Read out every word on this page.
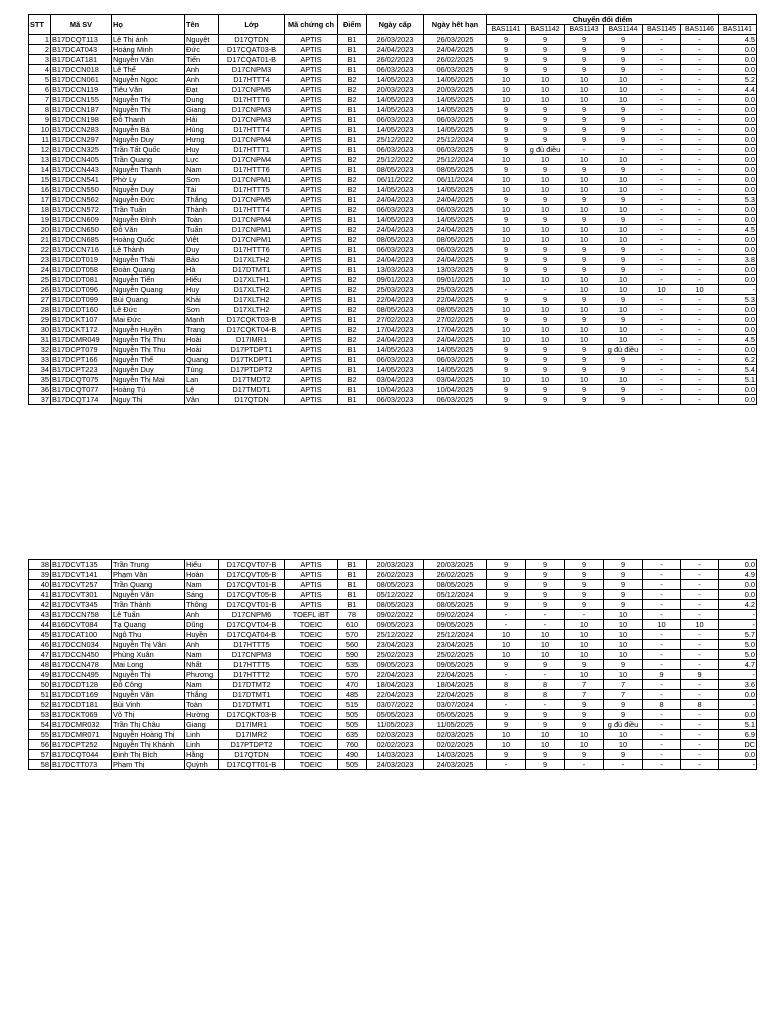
STT	Mã SV	Họ	Tên	Lớp	Mã chứng ch	Điểm	Ngày cấp	Ngày hết hạn	Chuyển đổi điểm						
									BAS1141	BAS1142	BAS1143	BAS1144	BAS1145	BAS1146	BAS1141
1	B17DCQT113	Lê Thị ánh	Nguyệt	D17QTDN	APTIS	B1	26/03/2023	26/03/2025	9	9	9	9	-	-	4.5
2	B17DCAT043	Hoàng Minh	Đức	D17CQAT03-B	APTIS	B1	24/04/2023	24/04/2025	9	9	9	9	-	-	0.0
3	B17DCAT181	Nguyễn Văn	Tiến	D17CQAT01-B	APTIS	B1	26/02/2023	26/02/2025	9	9	9	9	-	-	0.0
4	B17DCCN018	Lê Thế	Anh	D17CNPM3	APTIS	B1	06/03/2023	06/03/2025	9	9	9	9	-	-	0.0
5	B17DCCN061	Nguyễn Ngọc	Anh	D17HTTT4	APTIS	B2	14/05/2023	14/05/2025	10	10	10	10	-	-	5.2
6	B17DCCN119	Tiêu Văn	Đạt	D17CNPM5	APTIS	B2	20/03/2023	20/03/2025	10	10	10	10	-	-	4.4
7	B17DCCN155	Nguyễn Thị	Dung	D17HTTT6	APTIS	B2	14/05/2023	14/05/2025	10	10	10	10	-	-	0.0
8	B17DCCN187	Nguyễn Thị	Giang	D17CNPM3	APTIS	B1	14/05/2023	14/05/2025	9	9	9	9	-	-	0.0
9	B17DCCN198	Đỗ Thanh	Hải	D17CNPM3	APTIS	B1	06/03/2023	06/03/2025	9	9	9	9	-	-	0.0
10	B17DCCN283	Nguyễn Bá	Hùng	D17HTTT4	APTIS	B1	14/05/2023	14/05/2025	9	9	9	9	-	-	0.0
11	B17DCCN297	Nguyễn Duy	Hưng	D17CNPM4	APTIS	B1	25/12/2022	25/12/2024	9	9	9	9	-	-	0.0
12	B17DCCN325	Trần Tất Quốc	Huy	D17HTTT1	APTIS	B1	06/03/2023	06/03/2025	9	g đủ điều	-	-	-	-	0.0
13	B17DCCN405	Trần Quang	Lực	D17CNPM4	APTIS	B2	25/12/2022	25/12/2024	10	10	10	10	-	-	0.0
14	B17DCCN443	Nguyễn Thanh	Nam	D17HTTT6	APTIS	B1	08/05/2023	08/05/2025	9	9	9	9	-	-	0.0
15	B17DCCN541	Phờ Ly	Sơn	D17CNPM1	APTIS	B2	06/11/2022	06/11/2024	10	10	10	10	-	-	0.0
16	B17DCCN550	Nguyễn Duy	Tài	D17HTTT5	APTIS	B2	14/05/2023	14/05/2025	10	10	10	10	-	-	0.0
17	B17DCCN562	Nguyễn Đức	Thắng	D17CNPM5	APTIS	B1	24/04/2023	24/04/2025	9	9	9	9	-	-	5.3
18	B17DCCN572	Trần Tuấn	Thành	D17HTTT4	APTIS	B2	06/03/2023	06/03/2025	10	10	10	10	-	-	0.0
19	B17DCCN609	Nguyễn Đình	Toàn	D17CNPM4	APTIS	B1	14/05/2023	14/05/2025	9	9	9	9	-	-	0.0
20	B17DCCN650	Đỗ Văn	Tuấn	D17CNPM1	APTIS	B2	24/04/2023	24/04/2025	10	10	10	10	-	-	4.5
21	B17DCCN685	Hoàng Quốc	Việt	D17CNPM1	APTIS	B2	08/05/2023	08/05/2025	10	10	10	10	-	-	0.0
22	B17DCCN716	Lê Thành	Duy	D17HTTT6	APTIS	B1	06/03/2023	06/03/2025	9	9	9	9	-	-	0.0
23	B17DCDT019	Nguyễn Thái	Bảo	D17XLTH2	APTIS	B1	24/04/2023	24/04/2025	9	9	9	9	-	-	3.8
24	B17DCDT058	Đoàn Quang	Hà	D17DTMT1	APTIS	B1	13/03/2023	13/03/2025	9	9	9	9	-	-	0.0
25	B17DCDT081	Nguyễn Tiến	Hiếu	D17XLTH1	APTIS	B2	09/01/2023	09/01/2025	10	10	10	10	-	-	0.0
26	B17DCDT096	Nguyễn Quang	Huy	D17XLTH2	APTIS	B2	25/03/2023	25/03/2025	-	-	10	10	10	10	-
27	B17DCDT099	Bùi Quang	Khải	D17XLTH2	APTIS	B1	22/04/2023	22/04/2025	9	9	9	9	-	-	5.3
28	B17DCDT160	Lê Đức	Sơn	D17XLTH2	APTIS	B2	08/05/2023	08/05/2025	10	10	10	10	-	-	0.0
29	B17DCKT107	Mai Đức	Mạnh	D17CQKT03-B	APTIS	B1	27/02/2023	27/02/2025	9	9	9	9	-	-	0.0
30	B17DCKT172	Nguyễn Huyền	Trang	D17CQKT04-B	APTIS	B2	17/04/2023	17/04/2025	10	10	10	10	-	-	0.0
31	B17DCMR049	Nguyễn Thị Thu	Hoài	D17IMR1	APTIS	B2	24/04/2023	24/04/2025	10	10	10	10	-	-	4.5
32	B17DCPT079	Nguyễn Thị Thu	Hoài	D17PTDPT1	APTIS	B1	14/05/2023	14/05/2025	9	9	9	g đủ điều	-	-	0.0
33	B17DCPT166	Nguyễn Thế	Quang	D17TKDPT1	APTIS	B1	06/03/2023	06/03/2025	9	9	9	9	-	-	6.2
34	B17DCPT223	Nguyễn Duy	Tùng	D17PTDPT2	APTIS	B1	14/05/2023	14/05/2025	9	9	9	9	-	-	5.4
35	B17DCQT075	Nguyễn Thị Mai	Lan	D17TMDT2	APTIS	B2	03/04/2023	03/04/2025	10	10	10	10	-	-	5.1
36	B17DCQT077	Hoàng Tú	Lệ	D17TMDT1	APTIS	B1	10/04/2023	10/04/2025	9	9	9	9	-	-	0.0
37	B17DCQT174	Nguy Thị	Vân	D17QTDN	APTIS	B1	06/03/2023	06/03/2025	9	9	9	9	-	-	0.0
38	B17DCVT135	Trần Trung	Hiếu	D17CQVT07-B	APTIS	B1	20/03/2023	20/03/2025	9	9	9	9	-	-	0.0
39	B17DCVT141	Phạm Văn	Hoàn	D17CQVT05-B	APTIS	B1	26/02/2023	26/02/2025	9	9	9	9	-	-	4.9
40	B17DCVT257	Trần Quang	Nam	D17CQVT01-B	APTIS	B1	08/05/2023	08/05/2025	9	9	9	9	-	-	0.0
41	B17DCVT301	Nguyễn Văn	Sáng	D17CQVT05-B	APTIS	B1	05/12/2022	05/12/2024	9	9	9	9	-	-	0.0
42	B17DCVT345	Trần Thành	Thông	D17CQVT01-B	APTIS	B1	08/05/2023	08/05/2025	9	9	9	9	-	-	4.2
43	B17DCCN758	Lê Tuấn	Anh	D17CNPM6	TOEFL iBT	78	09/02/2022	09/02/2024	-	-	-	10	-	-	-
44	B16DCVT084	Tạ Quang	Dũng	D17CQVT04-B	TOEIC	610	09/05/2023	09/05/2025	-	-	10	10	10	10	-
45	B17DCAT100	Ngô Thu	Huyền	D17CQAT04-B	TOEIC	570	25/12/2022	25/12/2024	10	10	10	10	-	-	5.7
46	B17DCCN034	Nguyễn Thị Vân	Anh	D17HTTT5	TOEIC	560	23/04/2023	23/04/2025	10	10	10	10	-	-	5.0
47	B17DCCN450	Phùng Xuân	Nam	D17CNPM3	TOEIC	590	25/02/2023	25/02/2025	10	10	10	10	-	-	5.0
48	B17DCCN478	Mai Long	Nhất	D17HTTT5	TOEIC	535	09/05/2023	09/05/2025	9	9	9	9	-	-	4.7
49	B17DCCN495	Nguyễn Thị	Phương	D17HTTT2	TOEIC	570	22/04/2023	22/04/2025	-	-	10	10	9	9	-
50	B17DCDT128	Đỗ Công	Nam	D17DTMT2	TOEIC	470	18/04/2023	18/04/2025	8	8	7	7	-	-	3.6
51	B17DCDT169	Nguyễn Văn	Thắng	D17DTMT1	TOEIC	485	22/04/2023	22/04/2025	8	8	7	7	-	-	0.0
52	B17DCDT181	Bùi Vinh	Toàn	D17DTMT1	TOEIC	515	03/07/2022	03/07/2024	-	-	9	9	8	8	-
53	B17DCKT069	Võ Thị	Hường	D17CQKT03-B	TOEIC	505	05/05/2023	05/05/2025	9	9	9	9	-	-	0.0
54	B17DCMR032	Trần Thị Châu	Giang	D17IMR1	TOEIC	505	11/05/2023	11/05/2025	9	9	9	g đủ điều	-	-	5.1
55	B17DCMR071	Nguyễn Hoàng Thị	Linh	D17IMR2	TOEIC	635	02/03/2023	02/03/2025	10	10	10	10	-	-	6.9
56	B17DCPT252	Nguyễn Thị Khánh	Linh	D17PTDPT2	TOEIC	760	02/02/2023	02/02/2025	10	10	10	10	-	-	DC
57	B17DCQT044	Đinh Thị Bích	Hằng	D17QTDN	TOEIC	490	14/03/2023	14/03/2025	9	9	9	9	-	-	0.0
58	B17DCTT073	Phạm Thị	Quỳnh	D17CQTT01-B	TOEIC	505	24/03/2023	24/03/2025	-	9	-	-	-	-	-
